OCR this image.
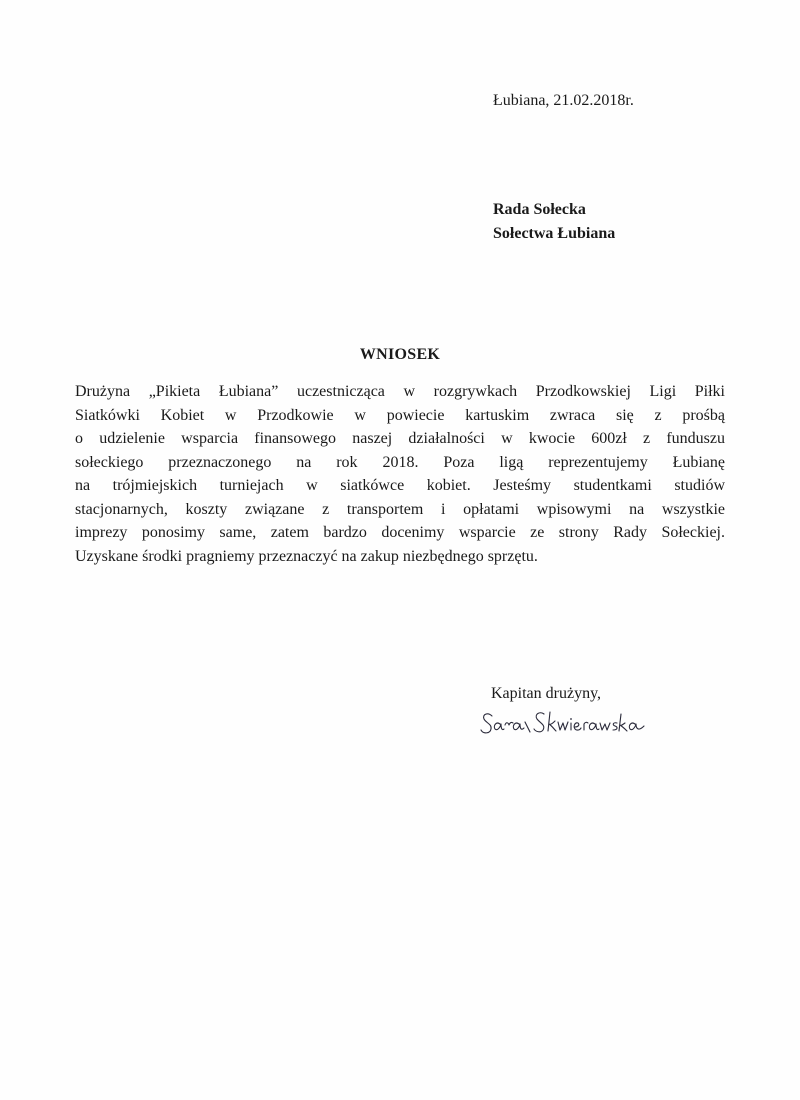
Łubiana, 21.02.2018r.
Rada Sołecka
Sołectwa Łubiana
WNIOSEK
Drużyna „Pikieta Łubiana” uczestnicząca w rozgrywkach Przodkowskiej Ligi Piłki
Siatkówki Kobiet w Przodkowie w powiecie kartuskim zwraca się z prośbą
o udzielenie wsparcia finansowego naszej działalności w kwocie 600zł z funduszu
sołeckiego przeznaczonego na rok 2018. Poza ligą reprezentujemy Łubianę
na trójmiejskich turniejach w siatkówce kobiet. Jesteśmy studentkami studiów
stacjonarnych, koszty związane z transportem i opłatami wpisowymi na wszystkie
imprezy ponosimy same, zatem bardzo docenimy wsparcie ze strony Rady Sołeckiej.
Uzyskane środki pragniemy przeznaczyć na zakup niezbędnego sprzętu.
Kapitan drużyny,
